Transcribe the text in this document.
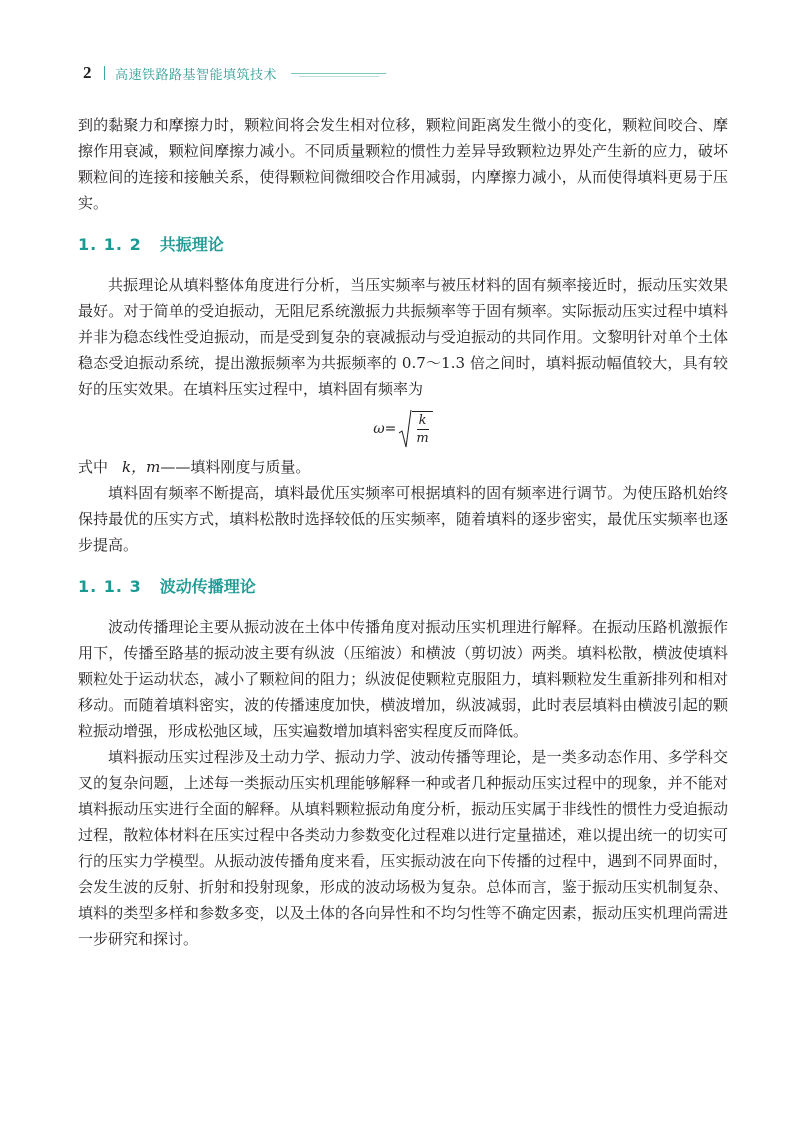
2 高速铁路路基智能填筑技术

到的黏聚力和摩擦力时，颗粒间将会发生相对位移，颗粒间距离发生微小的变化，颗粒间咬合、摩擦作用衰减，颗粒间摩擦力减小。不同质量颗粒的惯性力差异导致颗粒边界处产生新的应力，破坏颗粒间的连接和接触关系，使得颗粒间微细咬合作用减弱，内摩擦力减小，从而使得填料更易于压实。

1. 1. 2 共振理论

共振理论从填料整体角度进行分析，当压实频率与被压材料的固有频率接近时，振动压实效果最好。对于简单的受迫振动，无阻尼系统激振力共振频率等于固有频率。实际振动压实过程中填料并非为稳态线性受迫振动，而是受到复杂的衰减振动与受迫振动的共同作用。文黎明针对单个土体稳态受迫振动系统，提出激振频率为共振频率的 0.7～1.3 倍之间时，填料振动幅值较大，具有较好的压实效果。在填料压实过程中，填料固有频率为

$\omega= \frac{k}{m}$
式中 k，m——填料刚度与质量。

填料固有频率不断提高，填料最优压实频率可根据填料的固有频率进行调节。为使压路机始终保持最优的压实方式，填料松散时选择较低的压实频率，随着填料的逐步密实，最优压实频率也逐步提高。

1. 1. 3 波动传播理论

波动传播理论主要从振动波在土体中传播角度对振动压实机理进行解释。在振动压路机激振作用下，传播至路基的振动波主要有纵波（压缩波）和横波（剪切波）两类。填料松散，横波使填料颗粒处于运动状态，减小了颗粒间的阻力；纵波促使颗粒克服阻力，填料颗粒发生重新排列和相对移动。而随着填料密实，波的传播速度加快，横波增加，纵波减弱，此时表层填料由横波引起的颗粒振动增强，形成松弛区域，压实遍数增加填料密实程度反而降低。

填料振动压实过程涉及土动力学、振动力学、波动传播等理论，是一类多动态作用、多学科交叉的复杂问题，上述每一类振动压实机理能够解释一种或者几种振动压实过程中的现象，并不能对填料振动压实进行全面的解释。从填料颗粒振动角度分析，振动压实属于非线性的惯性力受迫振动过程，散粒体材料在压实过程中各类动力参数变化过程难以进行定量描述，难以提出统一的切实可行的压实力学模型。从振动波传播角度来看，压实振动波在向下传播的过程中，遇到不同界面时，会发生波的反射、折射和投射现象，形成的波动场极为复杂。总体而言，鉴于振动压实机制复杂、填料的类型多样和参数多变，以及土体的各向异性和不均匀性等不确定因素，振动压实机理尚需进一步研究和探讨。
